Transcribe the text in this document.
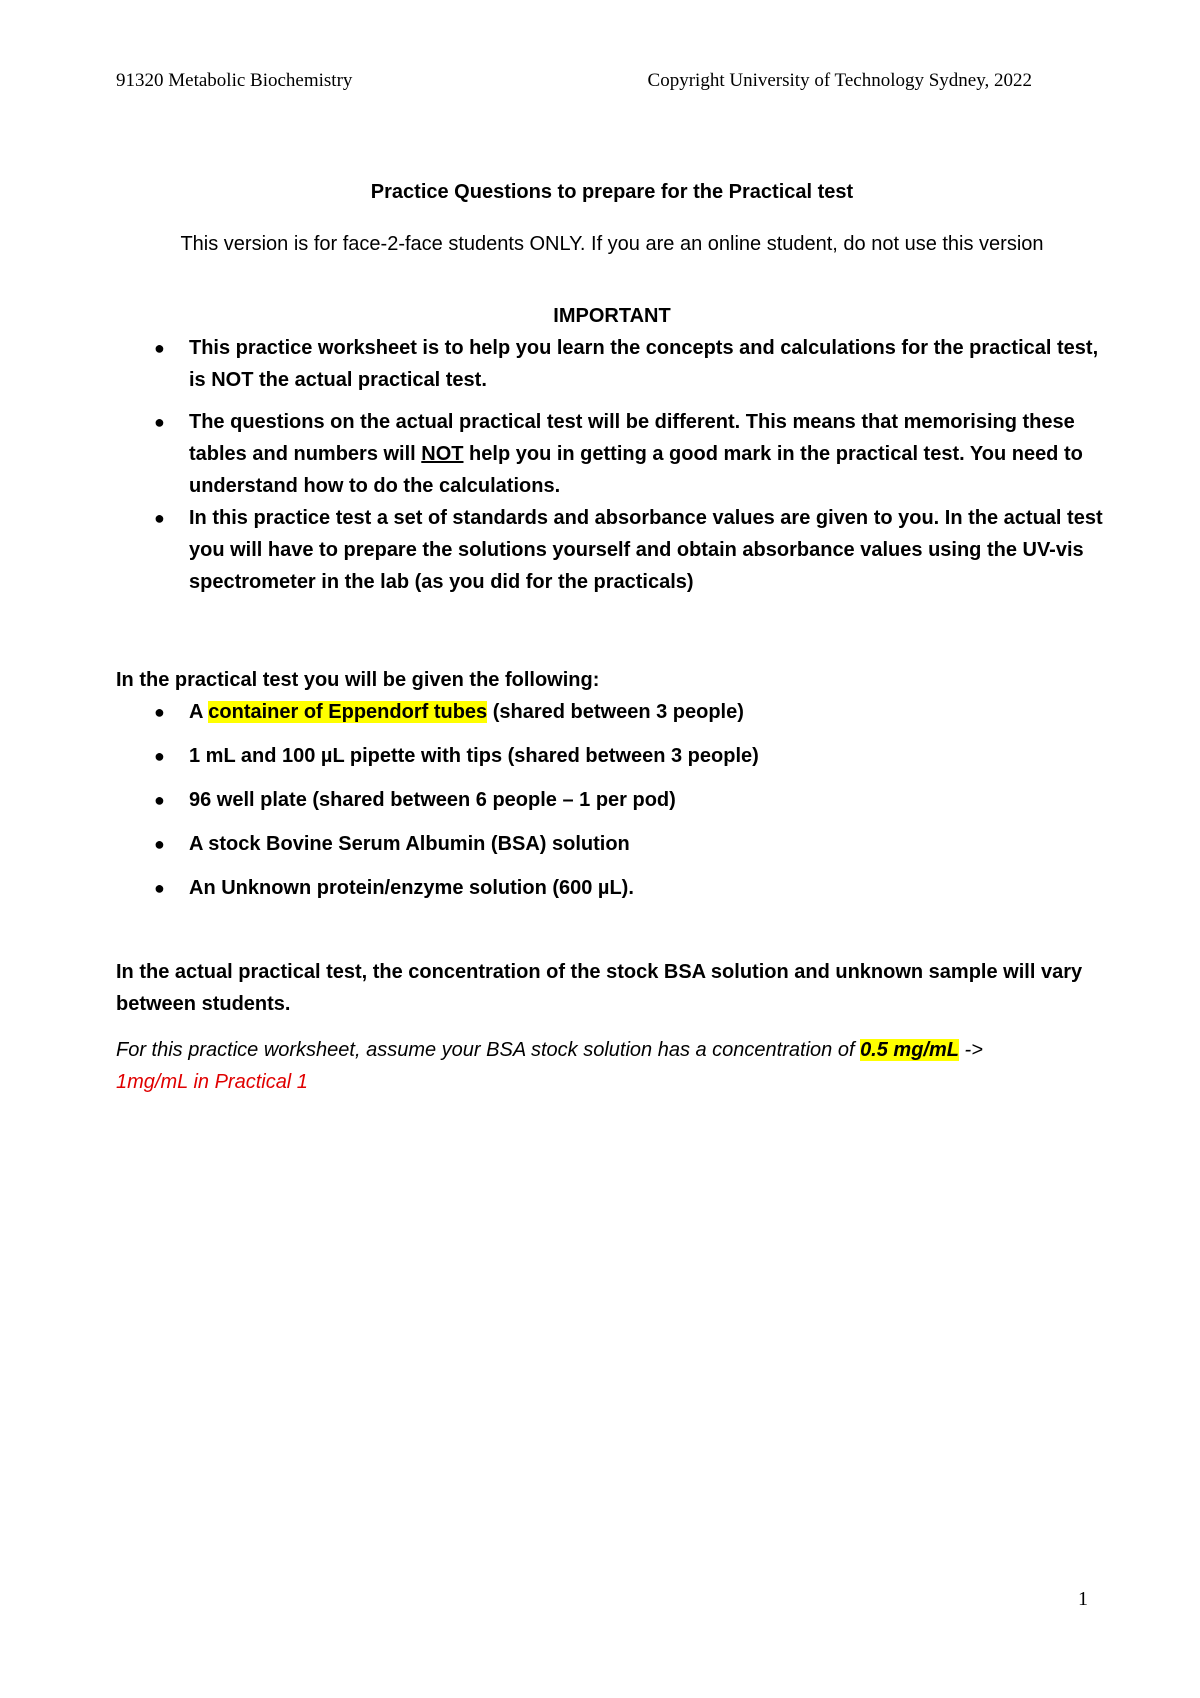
91320 Metabolic Biochemistry	Copyright University of Technology Sydney, 2022

Practice Questions to prepare for the Practical test

This version is for face-2-face students ONLY. If you are an online student, do not use this version

IMPORTANT

● This practice worksheet is to help you learn the concepts and calculations for the practical test, is NOT the actual practical test.
● The questions on the actual practical test will be different. This means that memorising these tables and numbers will NOT help you in getting a good mark in the practical test. You need to understand how to do the calculations.
● In this practice test a set of standards and absorbance values are given to you. In the actual test you will have to prepare the solutions yourself and obtain absorbance values using the UV-vis spectrometer in the lab (as you did for the practicals)

In the practical test you will be given the following:

● A container of Eppendorf tubes (shared between 3 people)
● 1 mL and 100 µL pipette with tips (shared between 3 people)
● 96 well plate (shared between 6 people – 1 per pod)
● A stock Bovine Serum Albumin (BSA) solution
● An Unknown protein/enzyme solution (600 µL).

In the actual practical test, the concentration of the stock BSA solution and unknown sample will vary between students.

For this practice worksheet, assume your BSA stock solution has a concentration of 0.5 mg/mL ->
1mg/mL in Practical 1

1
